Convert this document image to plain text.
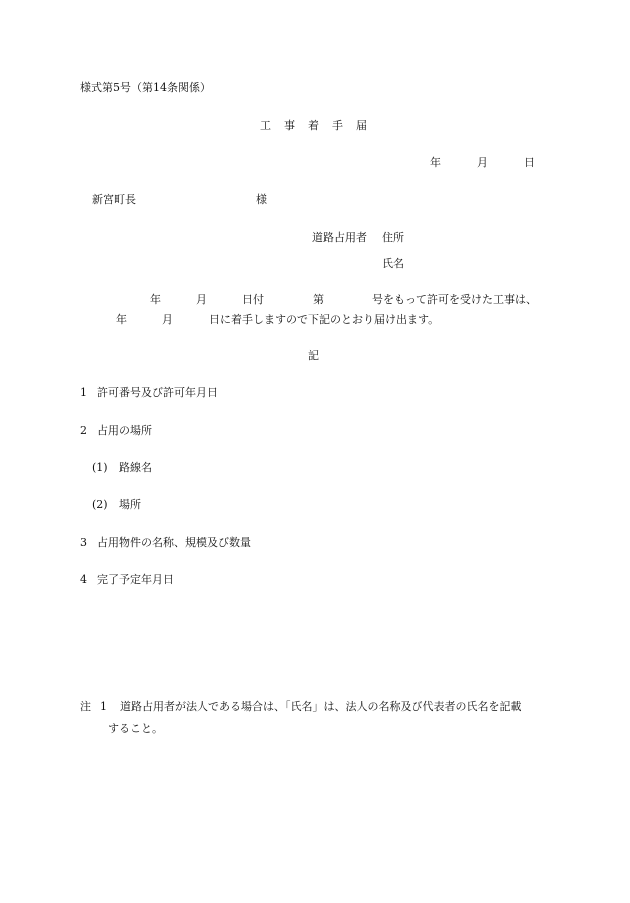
様式第5号（第14条関係）
工　事　着　手　届
年	月	日
新宮町長	様
道路占用者 住所
氏名
年	月	日付	第	号をもって許可を受けた工事は、
年	月	日に着手しますので下記のとおり届け出ます。
記
1 許可番号及び許可年月日
2 占用の場所
(1) 路線名
(2) 場所
3 占用物件の名称、規模及び数量
4 完了予定年月日
注 1 道路占用者が法人である場合は、「氏名」は、法人の名称及び代表者の氏名を記載
すること。
